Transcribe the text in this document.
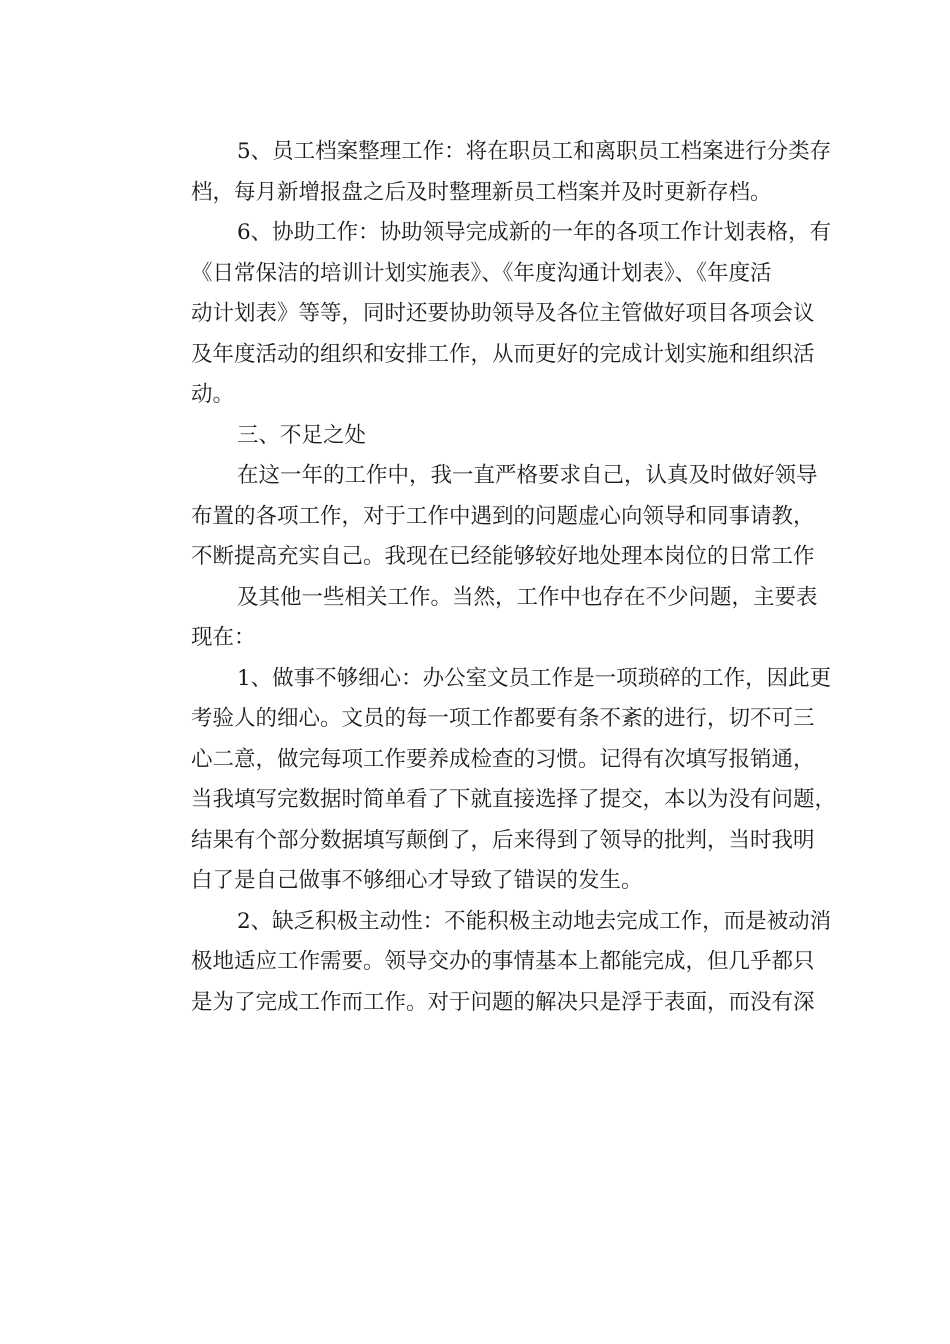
5、员工档案整理工作：将在职员工和离职员工档案进行分类存
档，每月新增报盘之后及时整理新员工档案并及时更新存档。
6、协助工作：协助领导完成新的一年的各项工作计划表格，有
《日常保洁的培训计划实施表》、《年度沟通计划表》、《年度活
动计划表》等等，同时还要协助领导及各位主管做好项目各项会议
及年度活动的组织和安排工作，从而更好的完成计划实施和组织活
动。
三、不足之处
在这一年的工作中，我一直严格要求自己，认真及时做好领导
布置的各项工作，对于工作中遇到的问题虚心向领导和同事请教，
不断提高充实自己。我现在已经能够较好地处理本岗位的日常工作
及其他一些相关工作。当然，工作中也存在不少问题，主要表
现在：
1、做事不够细心：办公室文员工作是一项琐碎的工作，因此更
考验人的细心。文员的每一项工作都要有条不紊的进行，切不可三
心二意，做完每项工作要养成检查的习惯。记得有次填写报销通，
当我填写完数据时简单看了下就直接选择了提交，本以为没有问题，
结果有个部分数据填写颠倒了，后来得到了领导的批判，当时我明
白了是自己做事不够细心才导致了错误的发生。
2、缺乏积极主动性：不能积极主动地去完成工作，而是被动消
极地适应工作需要。领导交办的事情基本上都能完成，但几乎都只
是为了完成工作而工作。对于问题的解决只是浮于表面，而没有深
